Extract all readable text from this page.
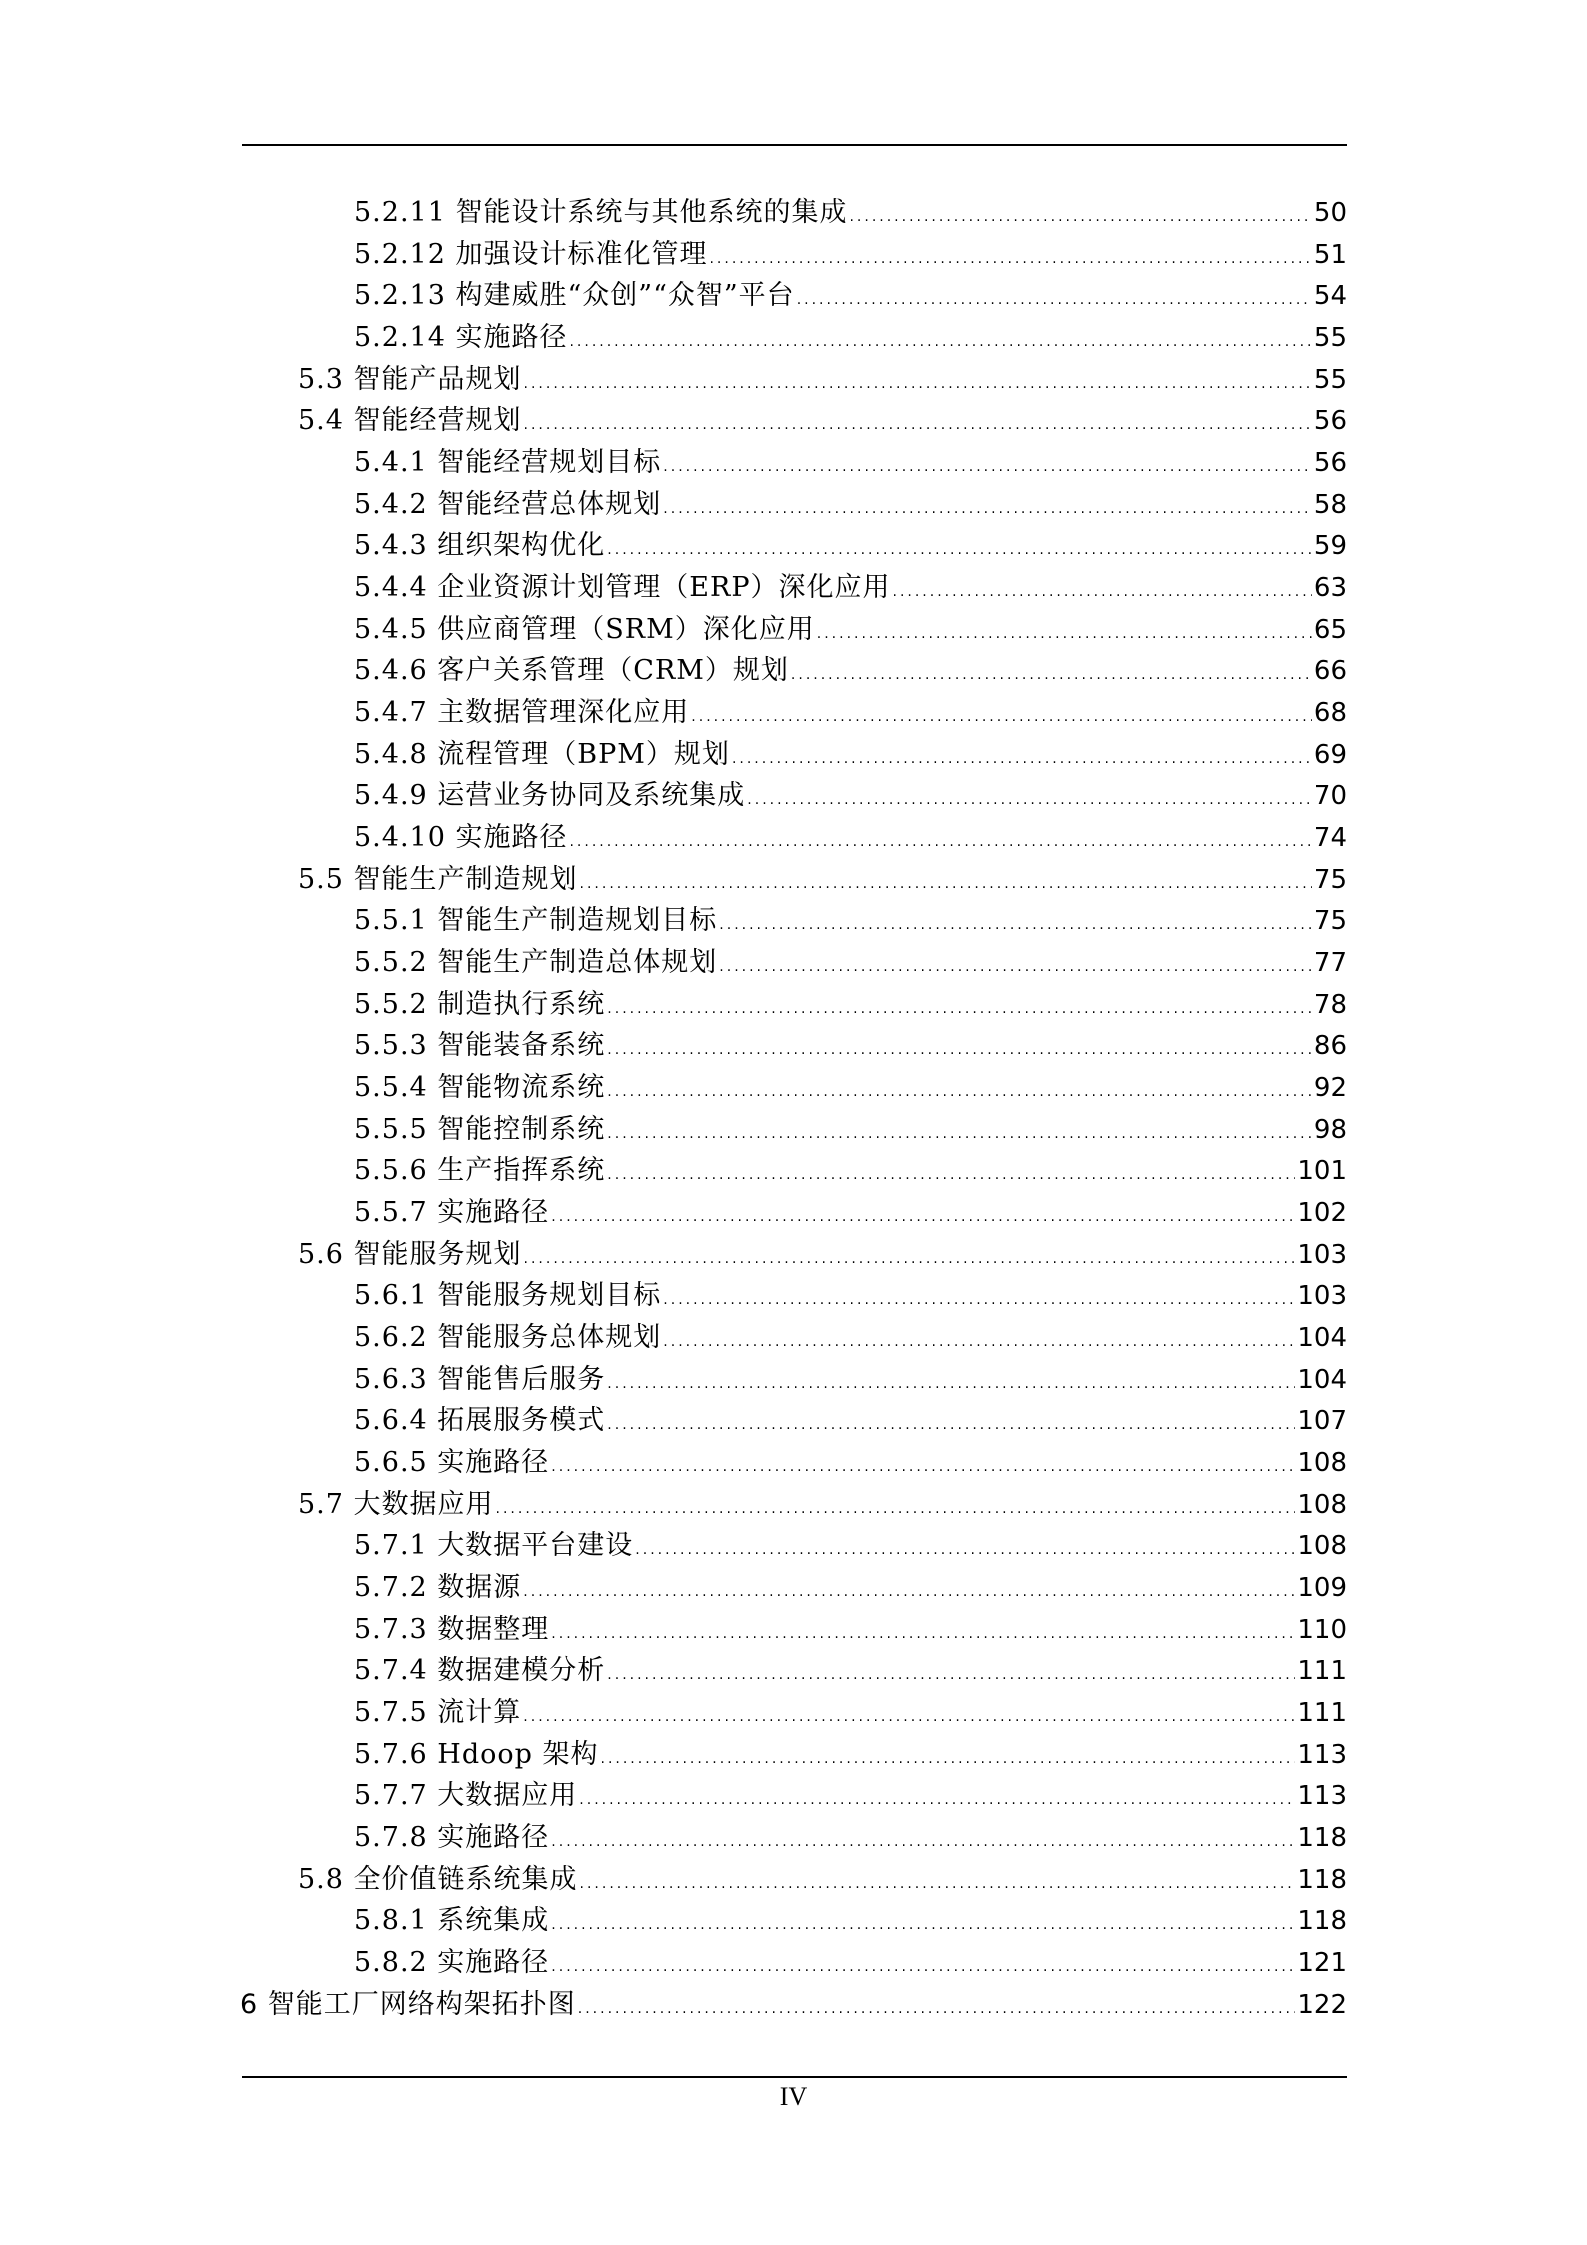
5.2.11 智能设计系统与其他系统的集成 .....	50
5.2.12 加强设计标准化管理 .....	51
5.2.13 构建威胜“众创”“众智”平台 .....	54
5.2.14 实施路径 .....	55
5.3 智能产品规划 .....	55
5.4 智能经营规划 .....	56
5.4.1 智能经营规划目标 .....	56
5.4.2 智能经营总体规划 .....	58
5.4.3 组织架构优化 .....	59
5.4.4 企业资源计划管理（ERP）深化应用 .....	63
5.4.5 供应商管理（SRM）深化应用 .....	65
5.4.6 客户关系管理（CRM）规划 .....	66
5.4.7 主数据管理深化应用 .....	68
5.4.8 流程管理（BPM）规划 .....	69
5.4.9 运营业务协同及系统集成 .....	70
5.4.10 实施路径 .....	74
5.5 智能生产制造规划 .....	75
5.5.1 智能生产制造规划目标 .....	75
5.5.2 智能生产制造总体规划 .....	77
5.5.2 制造执行系统 .....	78
5.5.3 智能装备系统 .....	86
5.5.4 智能物流系统 .....	92
5.5.5 智能控制系统 .....	98
5.5.6 生产指挥系统 .....	101
5.5.7 实施路径 .....	102
5.6 智能服务规划 .....	103
5.6.1 智能服务规划目标 .....	103
5.6.2 智能服务总体规划 .....	104
5.6.3 智能售后服务 .....	104
5.6.4 拓展服务模式 .....	107
5.6.5 实施路径 .....	108
5.7 大数据应用 .....	108
5.7.1 大数据平台建设 .....	108
5.7.2 数据源 .....	109
5.7.3 数据整理 .....	110
5.7.4 数据建模分析 .....	111
5.7.5 流计算 .....	111
5.7.6 Hdoop 架构 .....	113
5.7.7 大数据应用 .....	113
5.7.8 实施路径 .....	118
5.8 全价值链系统集成 .....	118
5.8.1 系统集成 .....	118
5.8.2 实施路径 .....	121
6 智能工厂网络构架拓扑图 .....	122
IV
